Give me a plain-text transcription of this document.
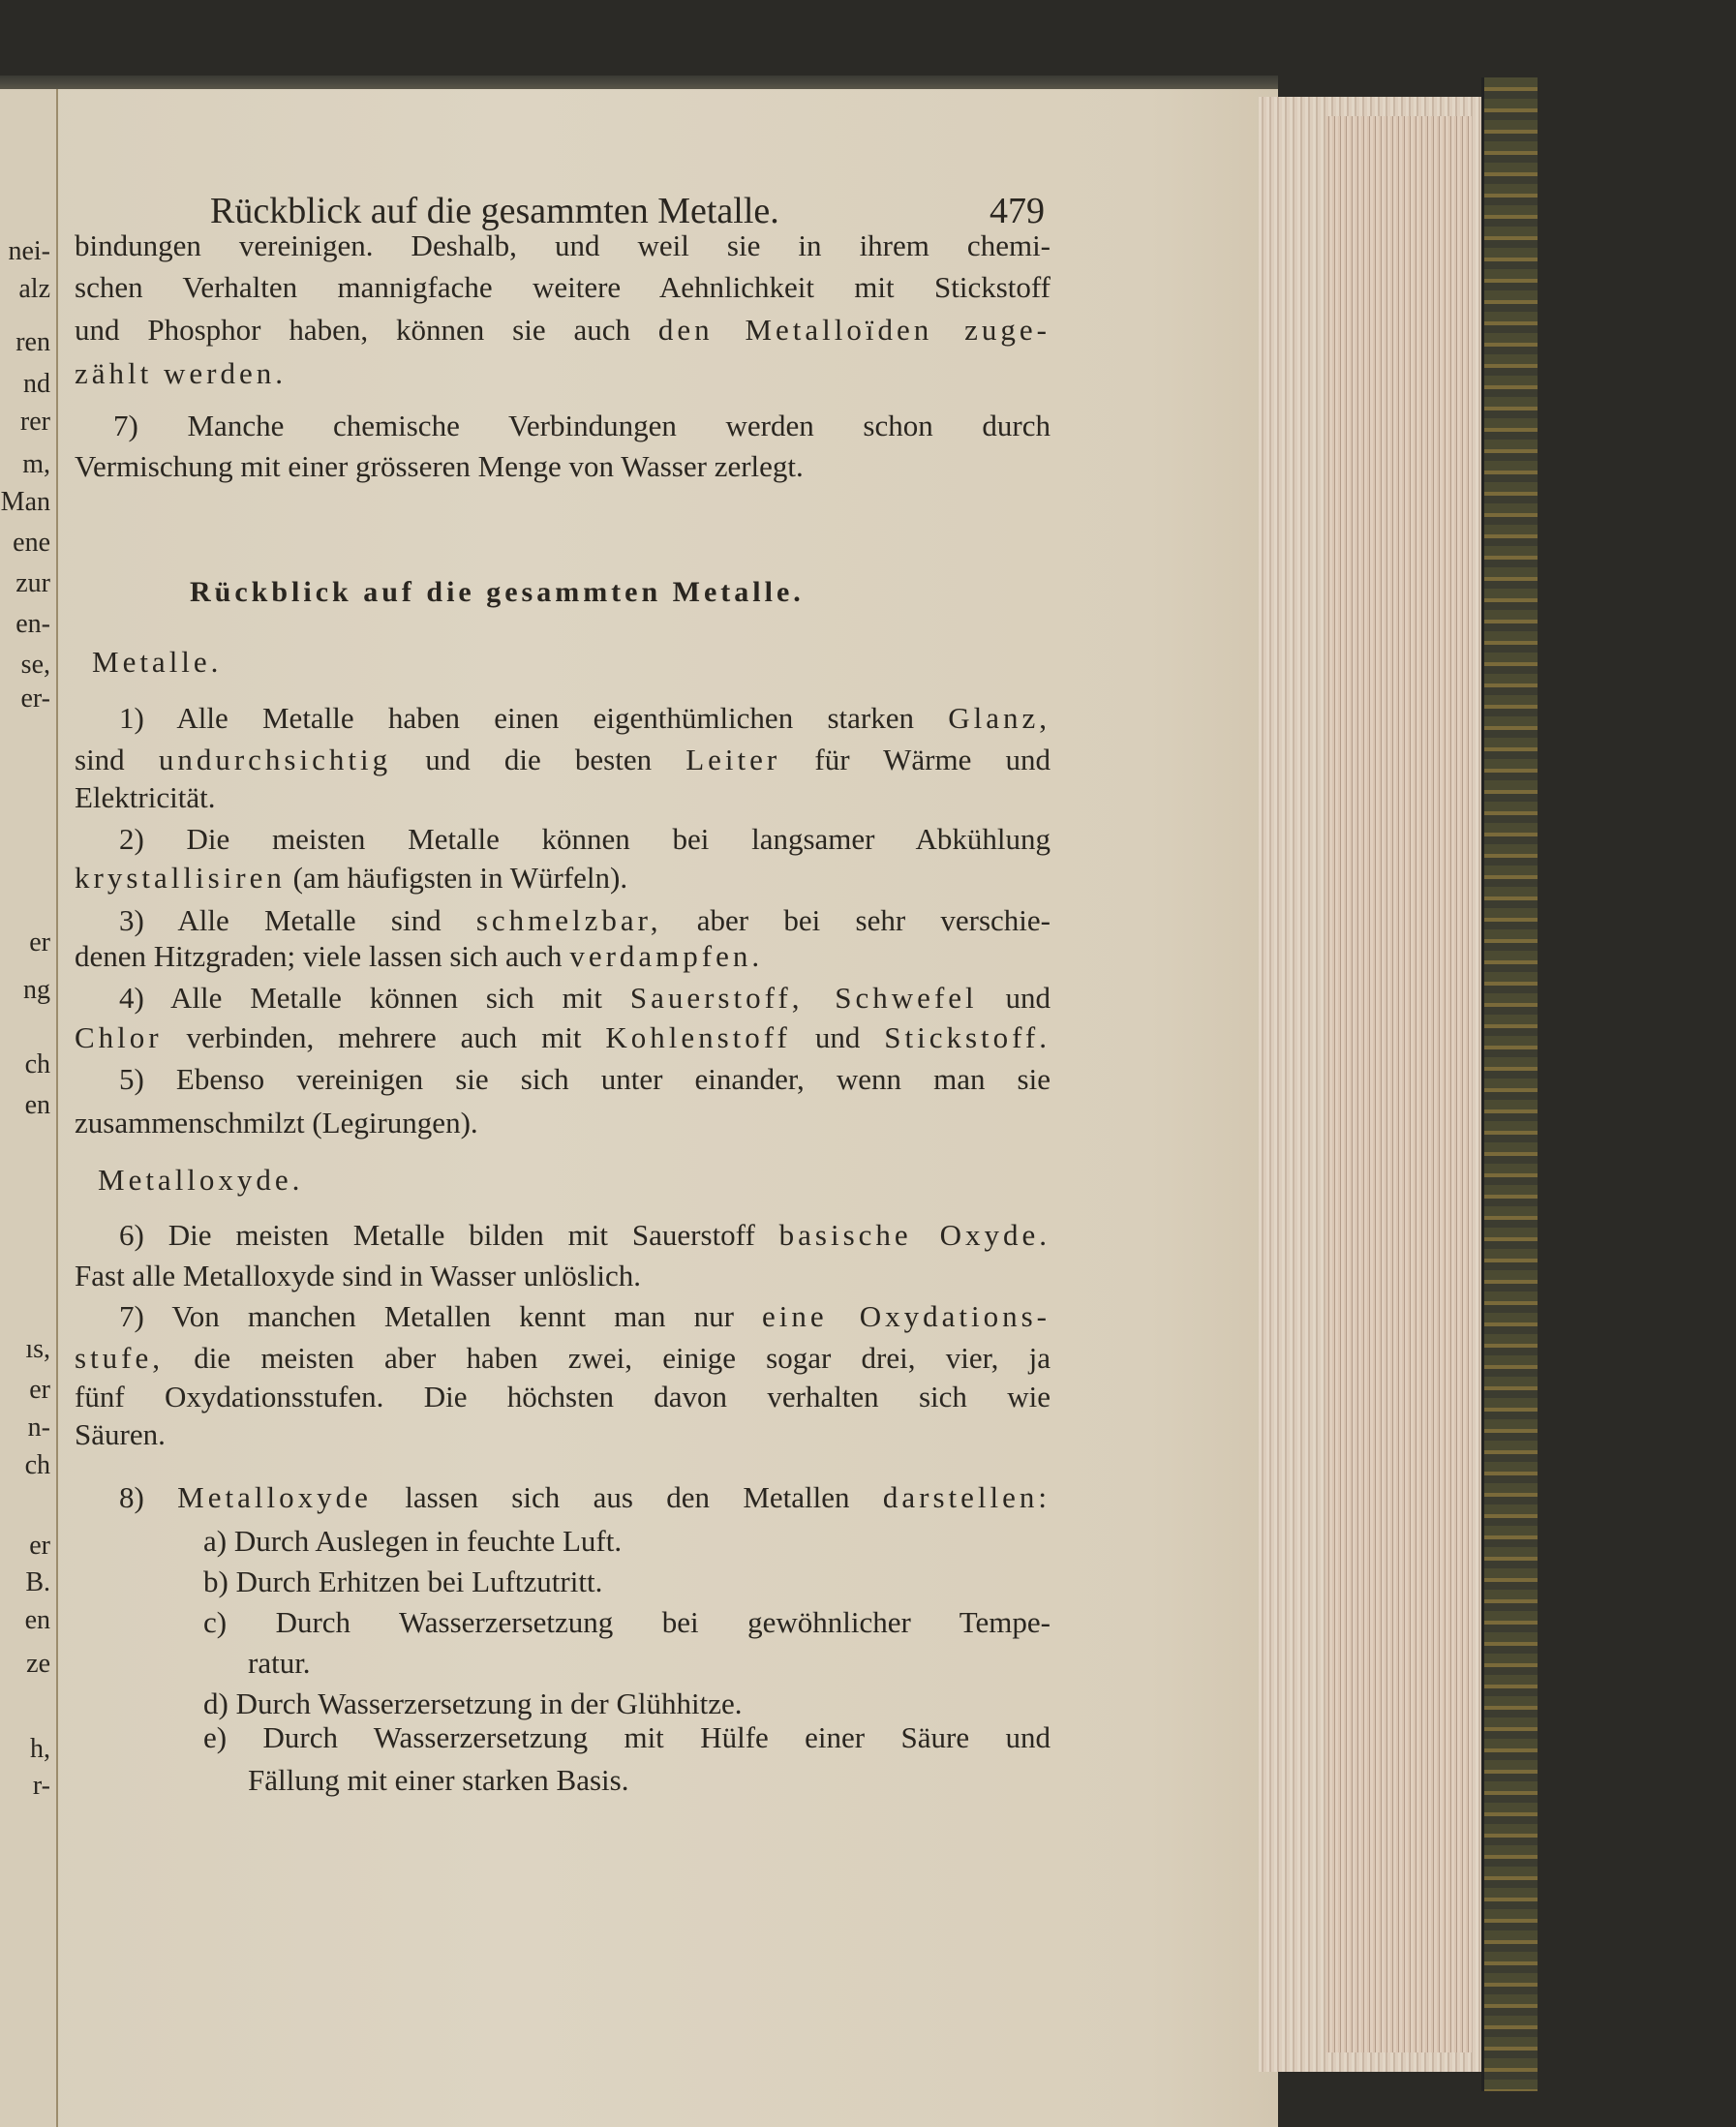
Rückblick auf die gesammten Metalle.	479
Rückblick auf die gesammten Metalle.
bindungen vereinigen. Deshalb, und weil sie in ihrem chemi-
schen Verhalten mannigfache weitere Aehnlichkeit mit Stickstoff
und Phosphor haben, können sie auch den Metalloïden zuge-
zählt werden.
7) Manche chemische Verbindungen werden schon durch
Vermischung mit einer grösseren Menge von Wasser zerlegt.
Metalle.
1) Alle Metalle haben einen eigenthümlichen starken Glanz,
sind undurchsichtig und die besten Leiter für Wärme und
Elektricität.
2) Die meisten Metalle können bei langsamer Abkühlung
krystallisiren (am häufigsten in Würfeln).
3) Alle Metalle sind schmelzbar, aber bei sehr verschie-
denen Hitzgraden; viele lassen sich auch verdampfen.
4) Alle Metalle können sich mit Sauerstoff, Schwefel und
Chlor verbinden, mehrere auch mit Kohlenstoff und Stickstoff.
5) Ebenso vereinigen sie sich unter einander, wenn man sie
zusammenschmilzt (Legirungen).
Metalloxyde.
6) Die meisten Metalle bilden mit Sauerstoff basische Oxyde.
Fast alle Metalloxyde sind in Wasser unlöslich.
7) Von manchen Metallen kennt man nur eine Oxydations-
stufe, die meisten aber haben zwei, einige sogar drei, vier, ja
fünf Oxydationsstufen. Die höchsten davon verhalten sich wie
Säuren.
8) Metalloxyde lassen sich aus den Metallen darstellen:
a) Durch Auslegen in feuchte Luft.
b) Durch Erhitzen bei Luftzutritt.
c) Durch Wasserzersetzung bei gewöhnlicher Tempe-
ratur.
d) Durch Wasserzersetzung in der Glühhitze.
e) Durch Wasserzersetzung mit Hülfe einer Säure und
Fällung mit einer starken Basis.
nei-
alz
ren
nd
rer
m,
Man
ene
zur
en-
se,
er-
er
ng
ch
en
ıs,
er
n-
ch
er
B.
en
ze
h,
r-
